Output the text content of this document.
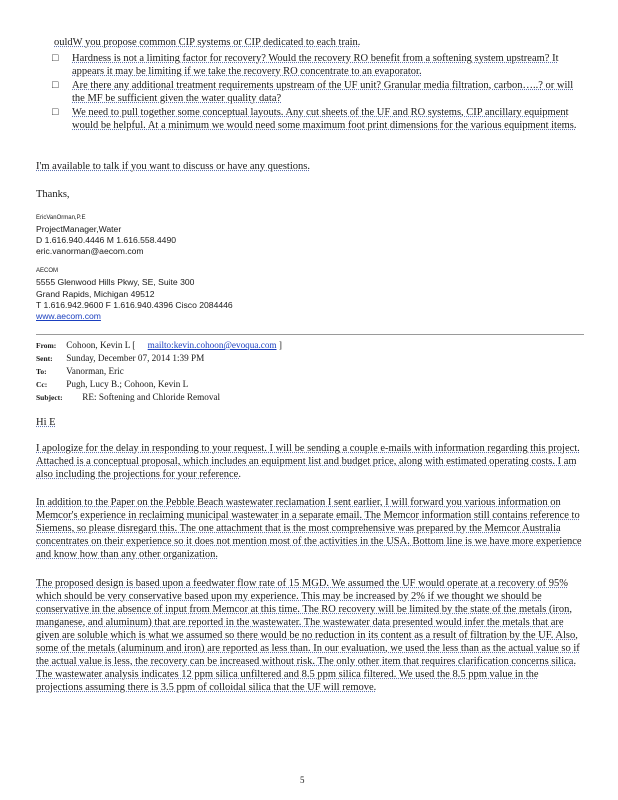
ouldW you propose common CIP systems or CIP dedicated to each train.
□	Hardness is not a limiting factor for recovery? Would the recovery RO benefit from a softening system upstream? It appears it may be limiting if we take the recovery RO concentrate to an evaporator.
□	Are there any additional treatment requirements upstream of the UF unit? Granular media filtration, carbon…..? or will the MF be sufficient given the water quality data?
□	We need to pull together some conceptual layouts. Any cut sheets of the UF and RO systems, CIP ancillary equipment would be helpful. At a minimum we would need some maximum foot print dimensions for the various equipment items.
I'm available to talk if you want to discuss or have any questions.
Thanks,
EricVanOrman,P.E
ProjectManager,Water
D 1.616.940.4446 M 1.616.558.4490
eric.vanorman@aecom.com
AECOM
5555 Glenwood Hills Pkwy, SE, Suite 300
Grand Rapids, Michigan 49512
T 1.616.942.9600 F 1.616.940.4396 Cisco 2084446
www.aecom.com
From: Cohoon, Kevin L [ mailto:kevin.cohoon@evoqua.com ]
Sent: Sunday, December 07, 2014 1:39 PM
To: Vanorman, Eric
Cc: Pugh, Lucy B.; Cohoon, Kevin L
Subject: RE: Softening and Chloride Removal
Hi E
I apologize for the delay in responding to your request. I will be sending a couple e-mails with information regarding this project. Attached is a conceptual proposal, which includes an equipment list and budget price, along with estimated operating costs. I am also including the projections for your reference.
In addition to the Paper on the Pebble Beach wastewater reclamation I sent earlier, I will forward you various information on Memcor's experience in reclaiming municipal wastewater in a separate email. The Memcor information still contains reference to Siemens, so please disregard this. The one attachment that is the most comprehensive was prepared by the Memcor Australia concentrates on their experience so it does not mention most of the activities in the USA. Bottom line is we have more experience and know how than any other organization.
The proposed design is based upon a feedwater flow rate of 15 MGD. We assumed the UF would operate at a recovery of 95% which should be very conservative based upon my experience. This may be increased by 2% if we thought we should be conservative in the absence of input from Memcor at this time. The RO recovery will be limited by the state of the metals (iron, manganese, and aluminum) that are reported in the wastewater. The wastewater data presented would infer the metals that are given are soluble which is what we assumed so there would be no reduction in its content as a result of filtration by the UF. Also, some of the metals (aluminum and iron) are reported as less than. In our evaluation, we used the less than as the actual value so if the actual value is less, the recovery can be increased without risk. The only other item that requires clarification concerns silica. The wastewater analysis indicates 12 ppm silica unfiltered and 8.5 ppm silica filtered. We used the 8.5 ppm value in the projections assuming there is 3.5 ppm of colloidal silica that the UF will remove.
5
